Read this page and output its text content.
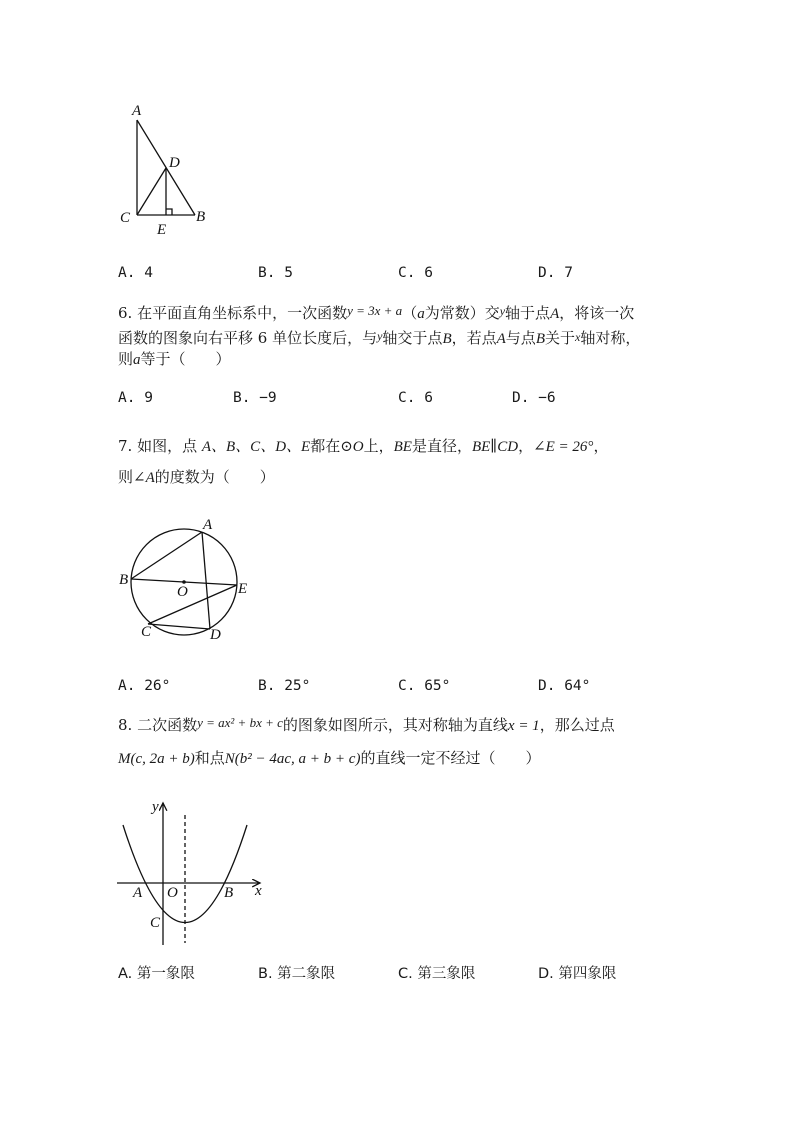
A
D
C
E
B
A. 4	B. 5	C. 6	D. 7
6. 在平面直角坐标系中，一次函数y = 3x + a（a为常数）交$^y$轴于点A，将该一次
函数的图象向右平移 6 单位长度后，与$^y$轴交于点B，若点A与点B关于x轴对称，
则a等于（　　）
A. 9	B. −9	C. 6	D. −6
7. 如图，点 A、B、C、D、E都在⊙O上，BE是直径，BE∥CD，∠E = 26°，
则∠A的度数为（　　）
A
B
O	E
C	D
A. 26°	B. 25°	C. 65°	D. 64°
8. 二次函数y = ax² + bx + c的图象如图所示，其对称轴为直线x = 1，那么过点
M(c, 2a + b)和点N(b² − 4ac, a + b + c)的直线一定不经过（　　）
y
x
O
A	B
C
A. 第一象限	B. 第二象限	C. 第三象限	D. 第四象限
